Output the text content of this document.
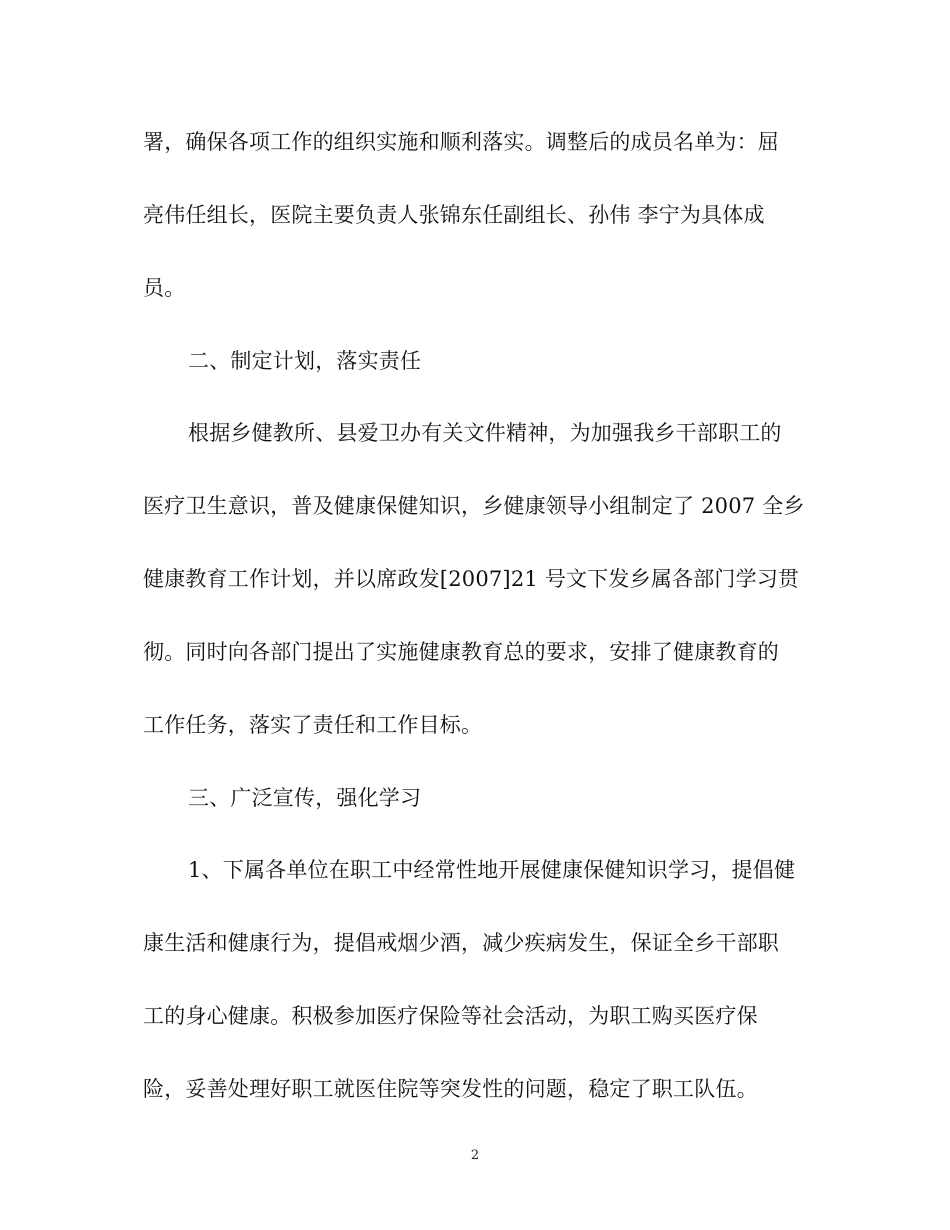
署，确保各项工作的组织实施和顺利落实。调整后的成员名单为：屈
亮伟任组长，医院主要负责人张锦东任副组长、孙伟 李宁为具体成
员。
二、制定计划，落实责任
根据乡健教所、县爱卫办有关文件精神，为加强我乡干部职工的
医疗卫生意识，普及健康保健知识，乡健康领导小组制定了 2007 全乡
健康教育工作计划，并以席政发[2007]21 号文下发乡属各部门学习贯
彻。同时向各部门提出了实施健康教育总的要求，安排了健康教育的
工作任务，落实了责任和工作目标。
三、广泛宣传，强化学习
1、下属各单位在职工中经常性地开展健康保健知识学习，提倡健
康生活和健康行为，提倡戒烟少酒，减少疾病发生，保证全乡干部职
工的身心健康。积极参加医疗保险等社会活动，为职工购买医疗保
险，妥善处理好职工就医住院等突发性的问题，稳定了职工队伍。
2
